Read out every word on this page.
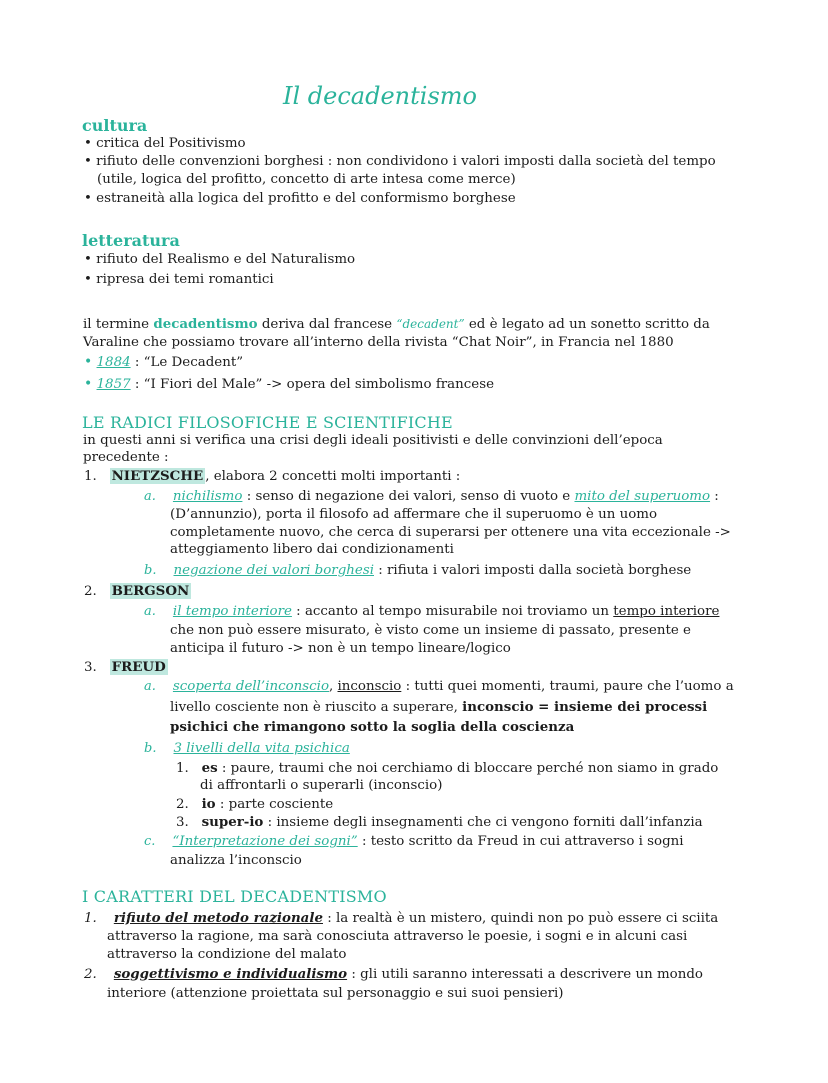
Il decadentismo
cultura
• critica del Positivismo
• rifiuto delle convenzioni borghesi : non condividono i valori imposti dalla società del tempo
(utile, logica del profitto, concetto di arte intesa come merce)
• estraneità alla logica del profitto e del conformismo borghese
letteratura
• rifiuto del Realismo e del Naturalismo
• ripresa dei temi romantici
il termine decadentismo deriva dal francese “decadent” ed è legato ad un sonetto scritto da
Varaline che possiamo trovare all’interno della rivista “Chat Noir”, in Francia nel 1880
• 1884 : “Le Decadent”
• 1857 : “I Fiori del Male” -> opera del simbolismo francese
LE RADICI FILOSOFICHE E SCIENTIFICHE
in questi anni si verifica una crisi degli ideali positivisti e delle convinzioni dell’epoca
precedente :
1. NIETZSCHE , elabora 2 concetti molti importanti :
a. nichilismo : senso di negazione dei valori, senso di vuoto e mito del superuomo :
(D’annunzio), porta il filosofo ad affermare che il superuomo è un uomo
completamente nuovo, che cerca di superarsi per ottenere una vita eccezionale ->
atteggiamento libero dai condizionamenti
b. negazione dei valori borghesi : rifiuta i valori imposti dalla società borghese
2. BERGSON
a. il tempo interiore : accanto al tempo misurabile noi troviamo un tempo interiore
che non può essere misurato, è visto come un insieme di passato, presente e
anticipa il futuro -> non è un tempo lineare/logico
3. FREUD
a. scoperta dell’inconscio, inconscio : tutti quei momenti, traumi, paure che l’uomo a
livello cosciente non è riuscito a superare, inconscio = insieme dei processi
psichici che rimangono sotto la soglia della coscienza
b. 3 livelli della vita psichica
1. es : paure, traumi che noi cerchiamo di bloccare perché non siamo in grado
di affrontarli o superarli (inconscio)
2. io : parte cosciente
3. super-io : insieme degli insegnamenti che ci vengono forniti dall’infanzia
c. “Interpretazione dei sogni” : testo scritto da Freud in cui attraverso i sogni
analizza l’inconscio
I CARATTERI DEL DECADENTISMO
1. rifiuto del metodo razionale : la realtà è un mistero, quindi non po può essere ci sciita
attraverso la ragione, ma sarà conosciuta attraverso le poesie, i sogni e in alcuni casi
attraverso la condizione del malato
2. soggettivismo e individualismo : gli utili saranno interessati a descrivere un mondo
interiore (attenzione proiettata sul personaggio e sui suoi pensieri)
